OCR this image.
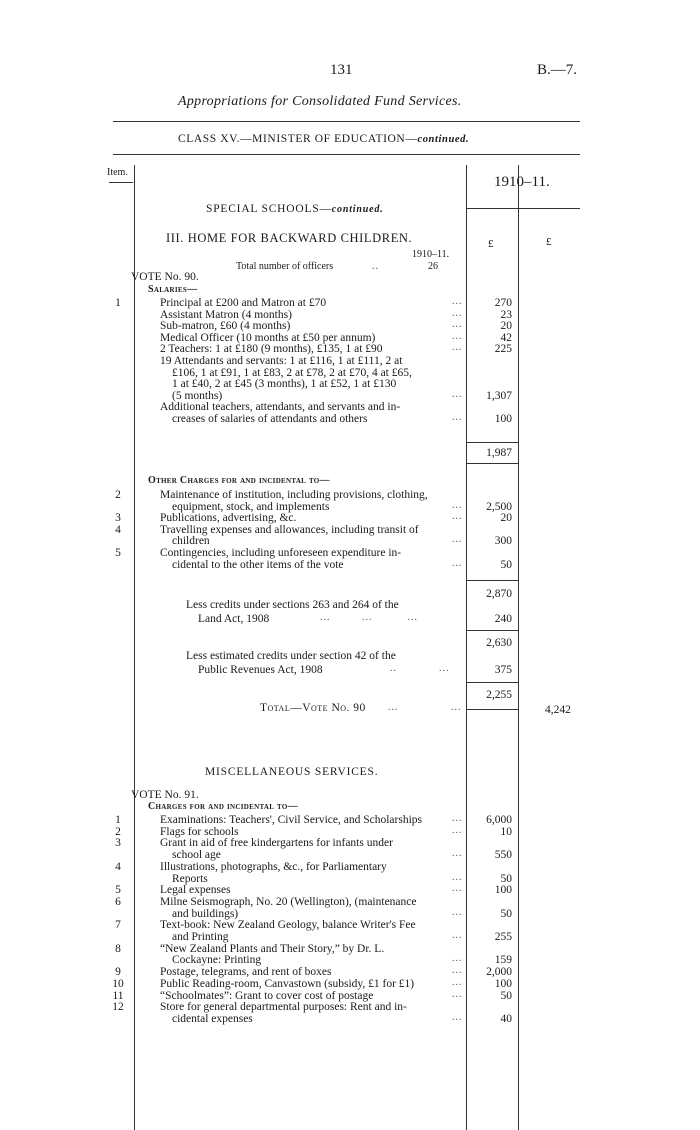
131	B.—7.
Appropriations for Consolidated Fund Services.
CLASS XV.—MINISTER OF EDUCATION—continued.
Item.
1910–11.
£	£
SPECIAL SCHOOLS—continued.
III. HOME FOR BACKWARD CHILDREN.
1910–11.
Total number of officers	..	26
VOTE No. 90.
Salaries—
1	Principal at £200 and Matron at £70	270
...
Assistant Matron (4 months)	23
...
Sub-matron, £60 (4 months)	20
...
Medical Officer (10 months at £50 per annum)	42
...
2 Teachers: 1 at £180 (9 months), £135, 1 at £90	225
...
19 Attendants and servants: 1 at £116, 1 at £111, 2 at
£106, 1 at £91, 1 at £83, 2 at £78, 2 at £70, 4 at £65,
1 at £40, 2 at £45 (3 months), 1 at £52, 1 at £130
(5 months)	1,307
...
Additional teachers, attendants, and servants and in-
creases of salaries of attendants and others	100
...
1,987
Other Charges for and incidental to—
2	Maintenance of institution, including provisions, clothing,
equipment, stock, and implements	2,500
...
3	Publications, advertising, &c.	20
...
4	Travelling expenses and allowances, including transit of
children	300
...
5	Contingencies, including unforeseen expenditure in-
cidental to the other items of the vote	50
...
2,870
Less credits under sections 263 and 264 of the
Land Act, 1908	...         ...          ...	240
2,630
Less estimated credits under section 42 of the
Public Revenues Act, 1908	..            ...	375
2,255
Total—Vote No. 90 ...               ...	4,242
MISCELLANEOUS SERVICES.
VOTE No. 91.
Charges for and incidental to—
1	Examinations: Teachers', Civil Service, and Scholarships	6,000
...
2	Flags for schools	10
...
3	Grant in aid of free kindergartens for infants under
school age	550
...
4	Illustrations, photographs, &c., for Parliamentary
Reports	50
...
5	Legal expenses	100
...
6	Milne Seismograph, No. 20 (Wellington), (maintenance
and buildings)	50
...
7	Text-book: New Zealand Geology, balance Writer's Fee
and Printing	255
...
8	“New Zealand Plants and Their Story,” by Dr. L.
Cockayne: Printing	159
...
9	Postage, telegrams, and rent of boxes	2,000
...
10	Public Reading-room, Canvastown (subsidy, £1 for £1)	100
...
11	“Schoolmates”: Grant to cover cost of postage	50
...
12	Store for general departmental purposes: Rent and in-
cidental expenses	40
...
